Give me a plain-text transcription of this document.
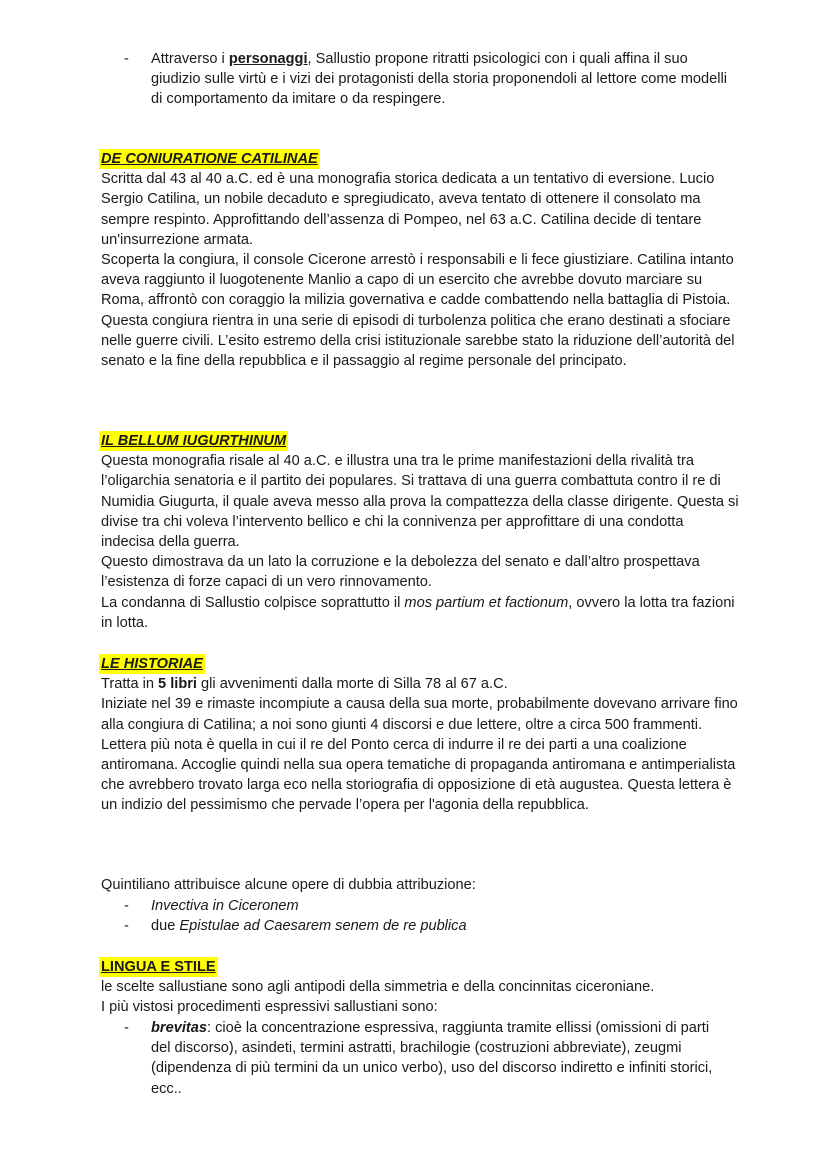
-	Attraverso i personaggi, Sallustio propone ritratti psicologici con i quali affina il suo giudizio sulle virtù e i vizi dei protagonisti della storia proponendoli al lettore come modelli di comportamento da imitare o da respingere.

DE CONIURATIONE CATILINAE

Scritta dal 43 al 40 a.C. ed è una monografia storica dedicata a un tentativo di eversione. Lucio Sergio Catilina, un nobile decaduto e spregiudicato, aveva tentato di ottenere il consolato ma sempre respinto. Approfittando dell’assenza di Pompeo, nel 63 a.C. Catilina decide di tentare un'insurrezione armata.

Scoperta la congiura, il console Cicerone arrestò i responsabili e li fece giustiziare. Catilina intanto aveva raggiunto il luogotenente Manlio a capo di un esercito che avrebbe dovuto marciare su Roma, affrontò con coraggio la milizia governativa e cadde combattendo nella battaglia di Pistoia.

Questa congiura rientra in una serie di episodi di turbolenza politica che erano destinati a sfociare nelle guerre civili. L’esito estremo della crisi istituzionale sarebbe stato la riduzione dell’autorità del senato e la fine della repubblica e il passaggio al regime personale del principato.

IL BELLUM IUGURTHINUM

Questa monografia risale al 40 a.C. e illustra una tra le prime manifestazioni della rivalità tra l’oligarchia senatoria e il partito dei populares. Si trattava di una guerra combattuta contro il re di Numidia Giugurta, il quale aveva messo alla prova la compattezza della classe dirigente. Questa si divise tra chi voleva l’intervento bellico e chi la connivenza per approfittare di una condotta indecisa della guerra.

Questo dimostrava da un lato la corruzione e la debolezza del senato e dall’altro prospettava l’esistenza di forze capaci di un vero rinnovamento.

La condanna di Sallustio colpisce soprattutto il mos partium et factionum, ovvero la lotta tra fazioni in lotta.

LE HISTORIAE

Tratta in 5 libri gli avvenimenti dalla morte di Silla 78 al 67 a.C.

Iniziate nel 39 e rimaste incompiute a causa della sua morte, probabilmente dovevano arrivare fino alla congiura di Catilina; a noi sono giunti 4 discorsi e due lettere, oltre a circa 500 frammenti.

Lettera più nota è quella in cui il re del Ponto cerca di indurre il re dei parti a una coalizione antiromana. Accoglie quindi nella sua opera tematiche di propaganda antiromana e antimperialista che avrebbero trovato larga eco nella storiografia di opposizione di età augustea. Questa lettera è un indizio del pessimismo che pervade l’opera per l'agonia della repubblica.

Quintiliano attribuisce alcune opere di dubbia attribuzione:

-	Invectiva in Ciceronem

-	due Epistulae ad Caesarem senem de re publica

LINGUA E STILE

le scelte sallustiane sono agli antipodi della simmetria e della concinnitas ciceroniane.

I più vistosi procedimenti espressivi sallustiani sono:

-	brevitas: cioè la concentrazione espressiva, raggiunta tramite ellissi (omissioni di parti del discorso), asindeti, termini astratti, brachilogie (costruzioni abbreviate), zeugmi (dipendenza di più termini da un unico verbo), uso del discorso indiretto e infiniti storici, ecc..
